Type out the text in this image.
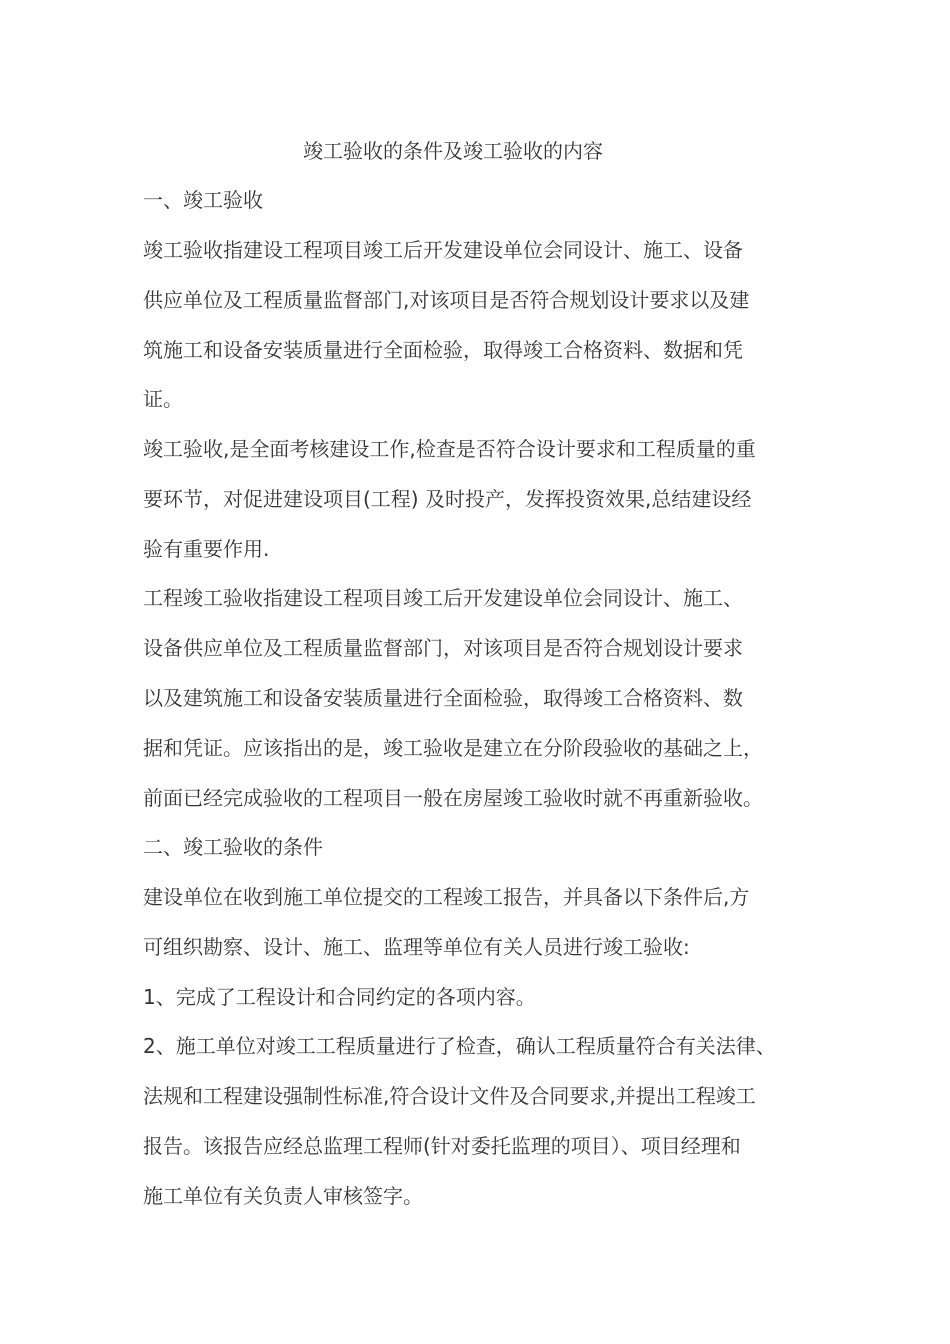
竣工验收的条件及竣工验收的内容
一、竣工验收
竣工验收指建设工程项目竣工后开发建设单位会同设计、施工、设备
供应单位及工程质量监督部门,对该项目是否符合规划设计要求以及建
筑施工和设备安装质量进行全面检验，取得竣工合格资料、数据和凭
证。
竣工验收,是全面考核建设工作,检查是否符合设计要求和工程质量的重
要环节，对促进建设项目(工程) 及时投产，发挥投资效果,总结建设经
验有重要作用.
工程竣工验收指建设工程项目竣工后开发建设单位会同设计、施工、
设备供应单位及工程质量监督部门，对该项目是否符合规划设计要求
以及建筑施工和设备安装质量进行全面检验，取得竣工合格资料、数
据和凭证。应该指出的是，竣工验收是建立在分阶段验收的基础之上，
前面已经完成验收的工程项目一般在房屋竣工验收时就不再重新验收。
二、竣工验收的条件
建设单位在收到施工单位提交的工程竣工报告，并具备以下条件后,方
可组织勘察、设计、施工、监理等单位有关人员进行竣工验收:
1、完成了工程设计和合同约定的各项内容。
2、施工单位对竣工工程质量进行了检查，确认工程质量符合有关法律、
法规和工程建设强制性标准,符合设计文件及合同要求,并提出工程竣工
报告。该报告应经总监理工程师(针对委托监理的项目）、项目经理和
施工单位有关负责人审核签字。
